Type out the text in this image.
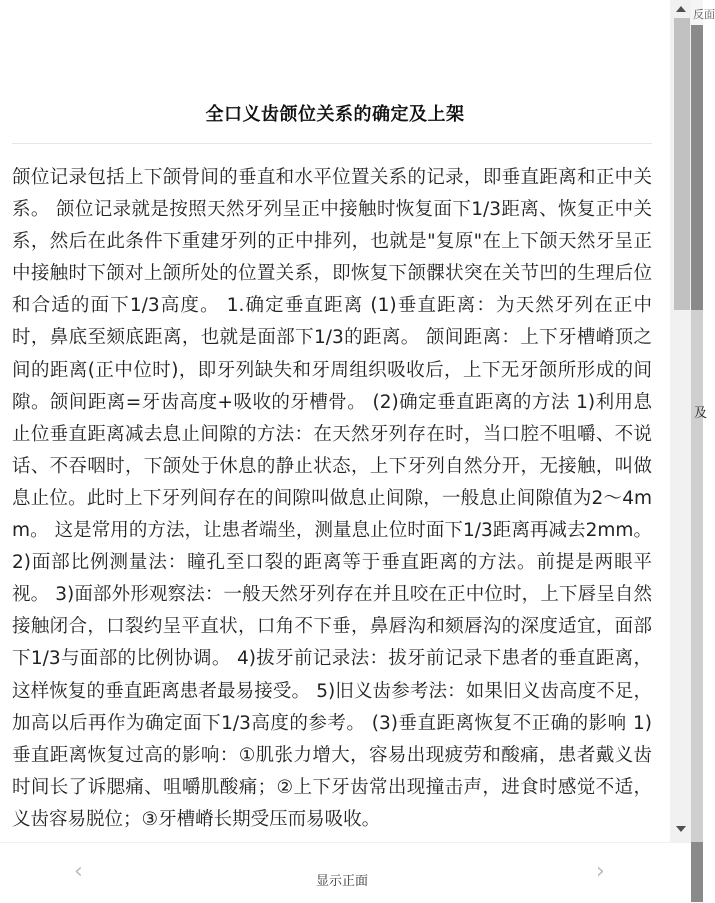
全口义齿颌位关系的确定及上架
颌位记录包括上下颌骨间的垂直和水平位置关系的记录，即垂直距离和正中关系。 颌位记录就是按照天然牙列呈正中接触时恢复面下1/3距离、恢复正中关系，然后在此条件下重建牙列的正中排列，也就是"复原"在上下颌天然牙呈正中接触时下颌对上颌所处的位置关系，即恢复下颌髁状突在关节凹的生理后位和合适的面下1/3高度。 1.确定垂直距离 (1)垂直距离：为天然牙列在正中时，鼻底至颏底距离，也就是面部下1/3的距离。 颌间距离：上下牙槽嵴顶之间的距离(正中位时)，即牙列缺失和牙周组织吸收后，上下无牙颌所形成的间隙。颌间距离=牙齿高度+吸收的牙槽骨。 (2)确定垂直距离的方法 1)利用息止位垂直距离减去息止间隙的方法：在天然牙列存在时，当口腔不咀嚼、不说话、不吞咽时，下颌处于休息的静止状态，上下牙列自然分开，无接触，叫做息止位。此时上下牙列间存在的间隙叫做息止间隙，一般息止间隙值为2～4mm。 这是常用的方法，让患者端坐，测量息止位时面下1/3距离再减去2mm。 2)面部比例测量法：瞳孔至口裂的距离等于垂直距离的方法。前提是两眼平视。 3)面部外形观察法：一般天然牙列存在并且咬在正中位时，上下唇呈自然接触闭合，口裂约呈平直状，口角不下垂，鼻唇沟和颏唇沟的深度适宜，面部下1/3与面部的比例协调。 4)拔牙前记录法：拔牙前记录下患者的垂直距离，这样恢复的垂直距离患者最易接受。 5)旧义齿参考法：如果旧义齿高度不足，加高以后再作为确定面下1/3高度的参考。 (3)垂直距离恢复不正确的影响 1)垂直距离恢复过高的影响：①肌张力增大，容易出现疲劳和酸痛，患者戴义齿时间长了诉腮痛、咀嚼肌酸痛；②上下牙齿常出现撞击声，进食时感觉不适，义齿容易脱位；③牙槽嵴长期受压而易吸收。
‹	显示正面	›
反面
及
